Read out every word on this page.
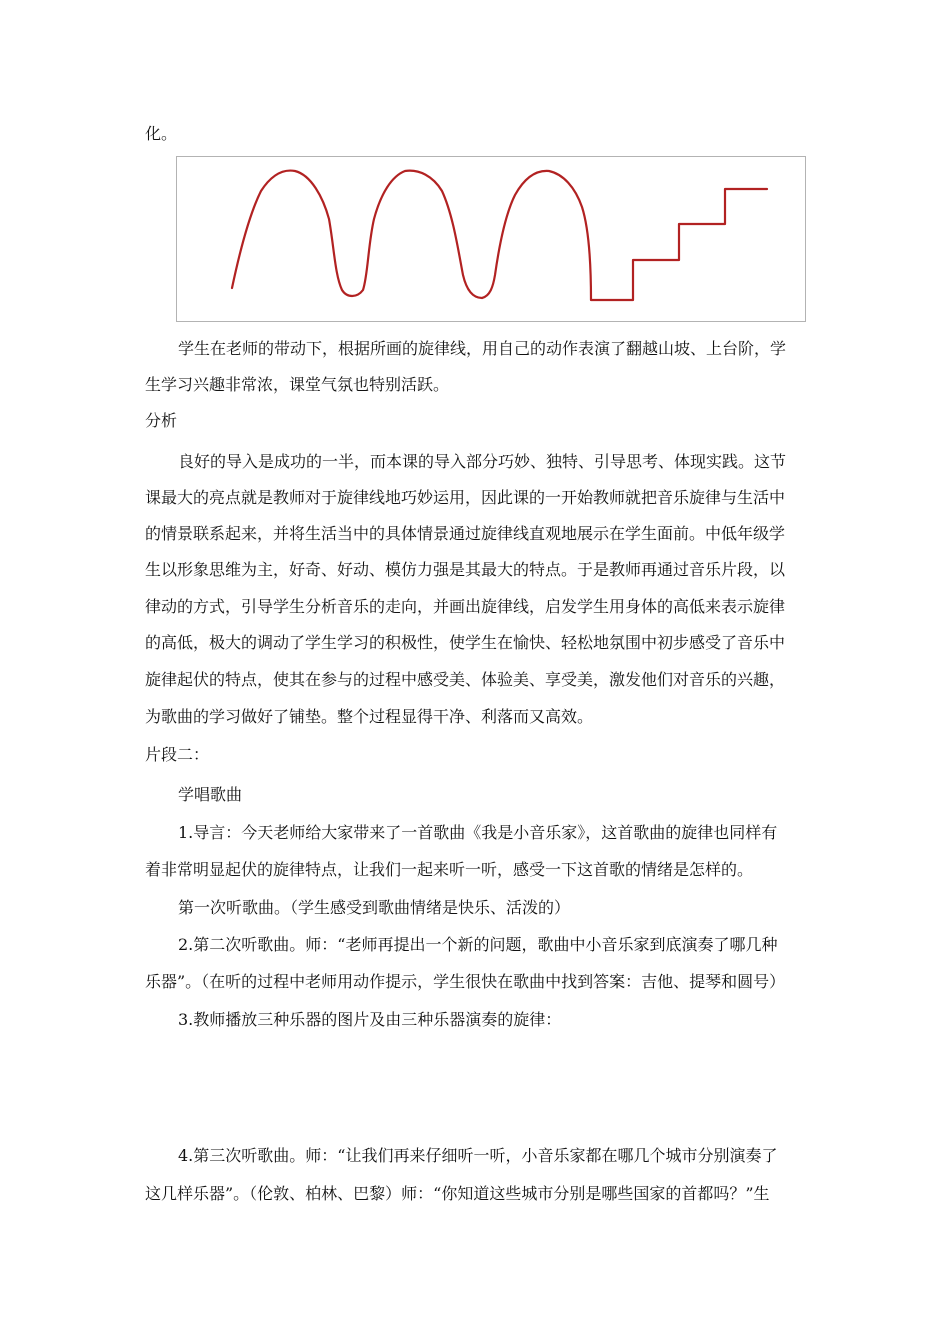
化。
学生在老师的带动下，根据所画的旋律线，用自己的动作表演了翻越山坡、上台阶，学
生学习兴趣非常浓，课堂气氛也特别活跃。
分析
良好的导入是成功的一半，而本课的导入部分巧妙、独特、引导思考、体现实践。这节
课最大的亮点就是教师对于旋律线地巧妙运用，因此课的一开始教师就把音乐旋律与生活中
的情景联系起来，并将生活当中的具体情景通过旋律线直观地展示在学生面前。中低年级学
生以形象思维为主，好奇、好动、模仿力强是其最大的特点。于是教师再通过音乐片段，以
律动的方式，引导学生分析音乐的走向，并画出旋律线，启发学生用身体的高低来表示旋律
的高低，极大的调动了学生学习的积极性，使学生在愉快、轻松地氛围中初步感受了音乐中
旋律起伏的特点，使其在参与的过程中感受美、体验美、享受美，激发他们对音乐的兴趣，
为歌曲的学习做好了铺垫。整个过程显得干净、利落而又高效。
片段二：
学唱歌曲
1.导言：今天老师给大家带来了一首歌曲《我是小音乐家》，这首歌曲的旋律也同样有
着非常明显起伏的旋律特点，让我们一起来听一听，感受一下这首歌的情绪是怎样的。
第一次听歌曲。（学生感受到歌曲情绪是快乐、活泼的）
2.第二次听歌曲。师：“老师再提出一个新的问题，歌曲中小音乐家到底演奏了哪几种
乐器”。（在听的过程中老师用动作提示，学生很快在歌曲中找到答案：吉他、提琴和圆号）
3.教师播放三种乐器的图片及由三种乐器演奏的旋律：
4.第三次听歌曲。师：“让我们再来仔细听一听，小音乐家都在哪几个城市分别演奏了
这几样乐器”。（伦敦、柏林、巴黎）师：“你知道这些城市分别是哪些国家的首都吗？”生
